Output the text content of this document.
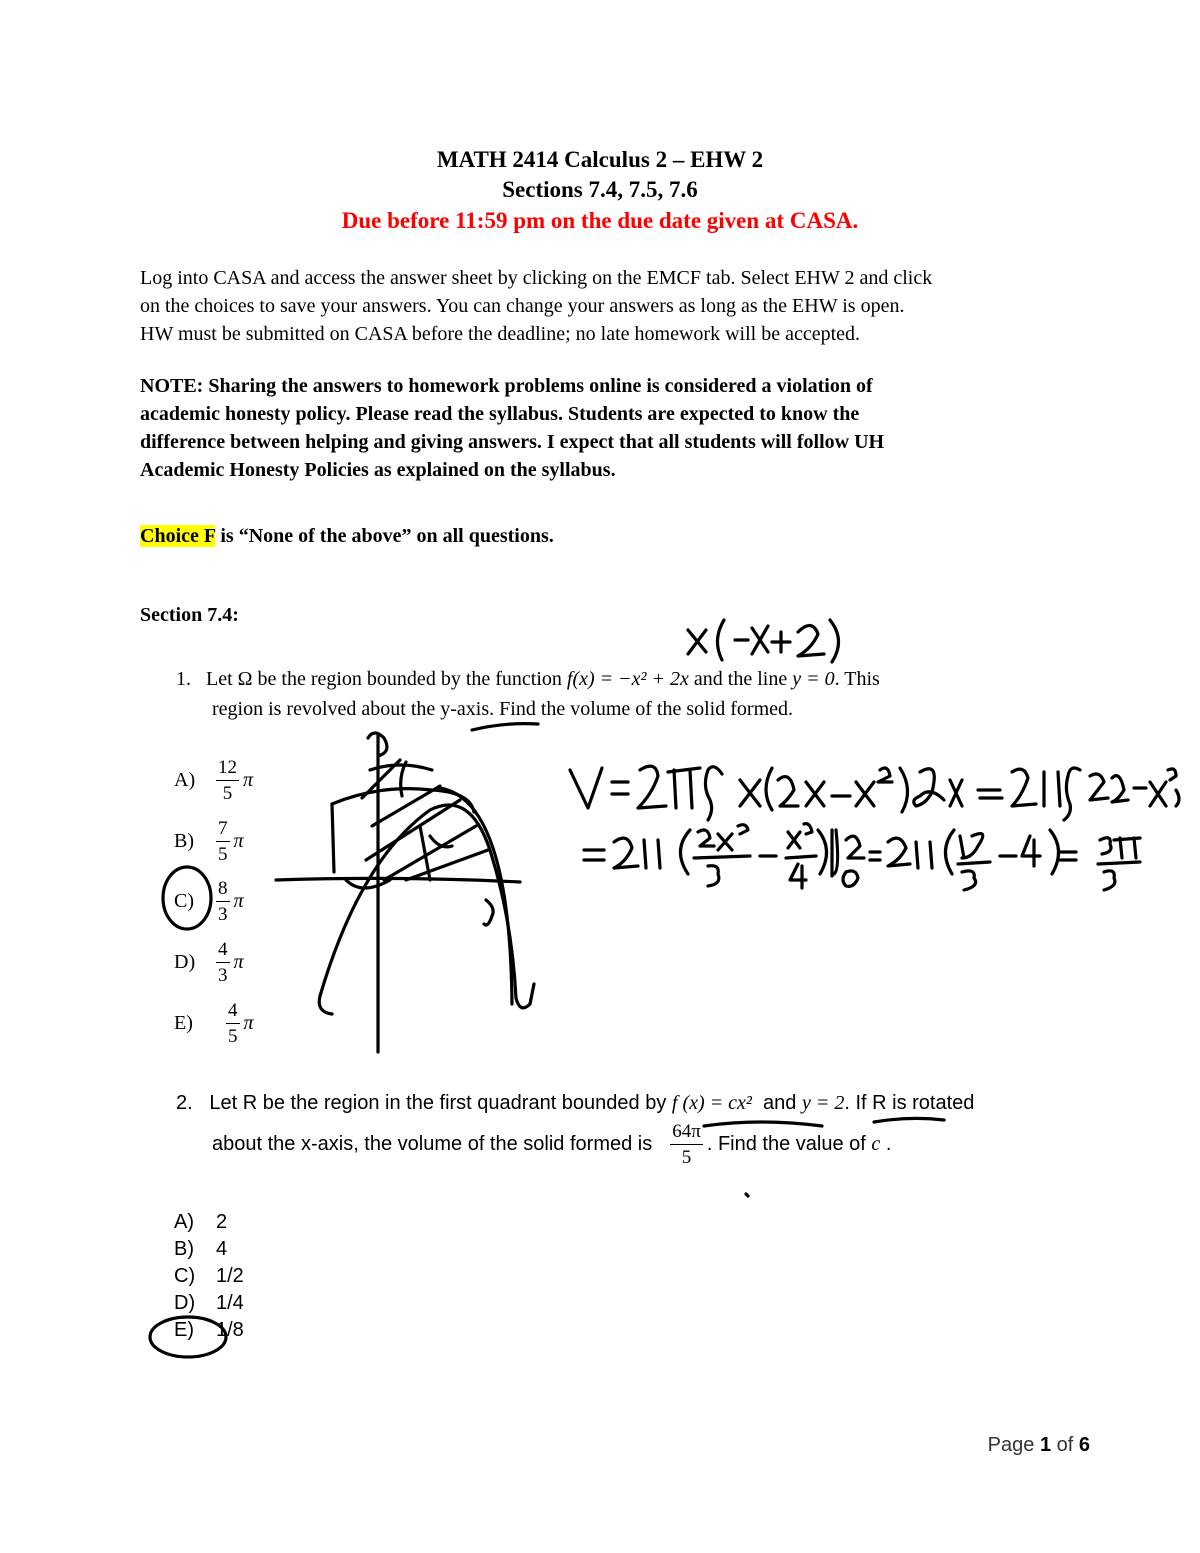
MATH 2414 Calculus 2 – EHW 2
Sections 7.4, 7.5, 7.6
Due before 11:59 pm on the due date given at CASA.
Log into CASA and access the answer sheet by clicking on the EMCF tab. Select EHW 2 and click
on the choices to save your answers. You can change your answers as long as the EHW is open.
HW must be submitted on CASA before the deadline; no late homework will be accepted.
NOTE: Sharing the answers to homework problems online is considered a violation of
academic honesty policy. Please read the syllabus. Students are expected to know the
difference between helping and giving answers. I expect that all students will follow UH
Academic Honesty Policies as explained on the syllabus.
Choice F is “None of the above” on all questions.
Section 7.4:
1. Let Ω be the region bounded by the function f(x) = −x² + 2x and the line y = 0. This
region is revolved about the y-axis. Find the volume of the solid formed.
A)	$\frac{12}{5}$ π
B)	$\frac{7}{5}$ π
C)	$\frac{8}{3}$ π
D)	$\frac{4}{3}$ π
E)	$\frac{4}{5}$ π
2. Let R be the region in the first quadrant bounded by f (x) = cx² and y = 2. If R is rotated
about the x-axis, the volume of the solid formed is $\frac{64\pi}{5}$ . Find the value of
c
.
A) 2
B) 4
C) 1/2
D) 1/4
E) 1/8
Page 1 of 6
